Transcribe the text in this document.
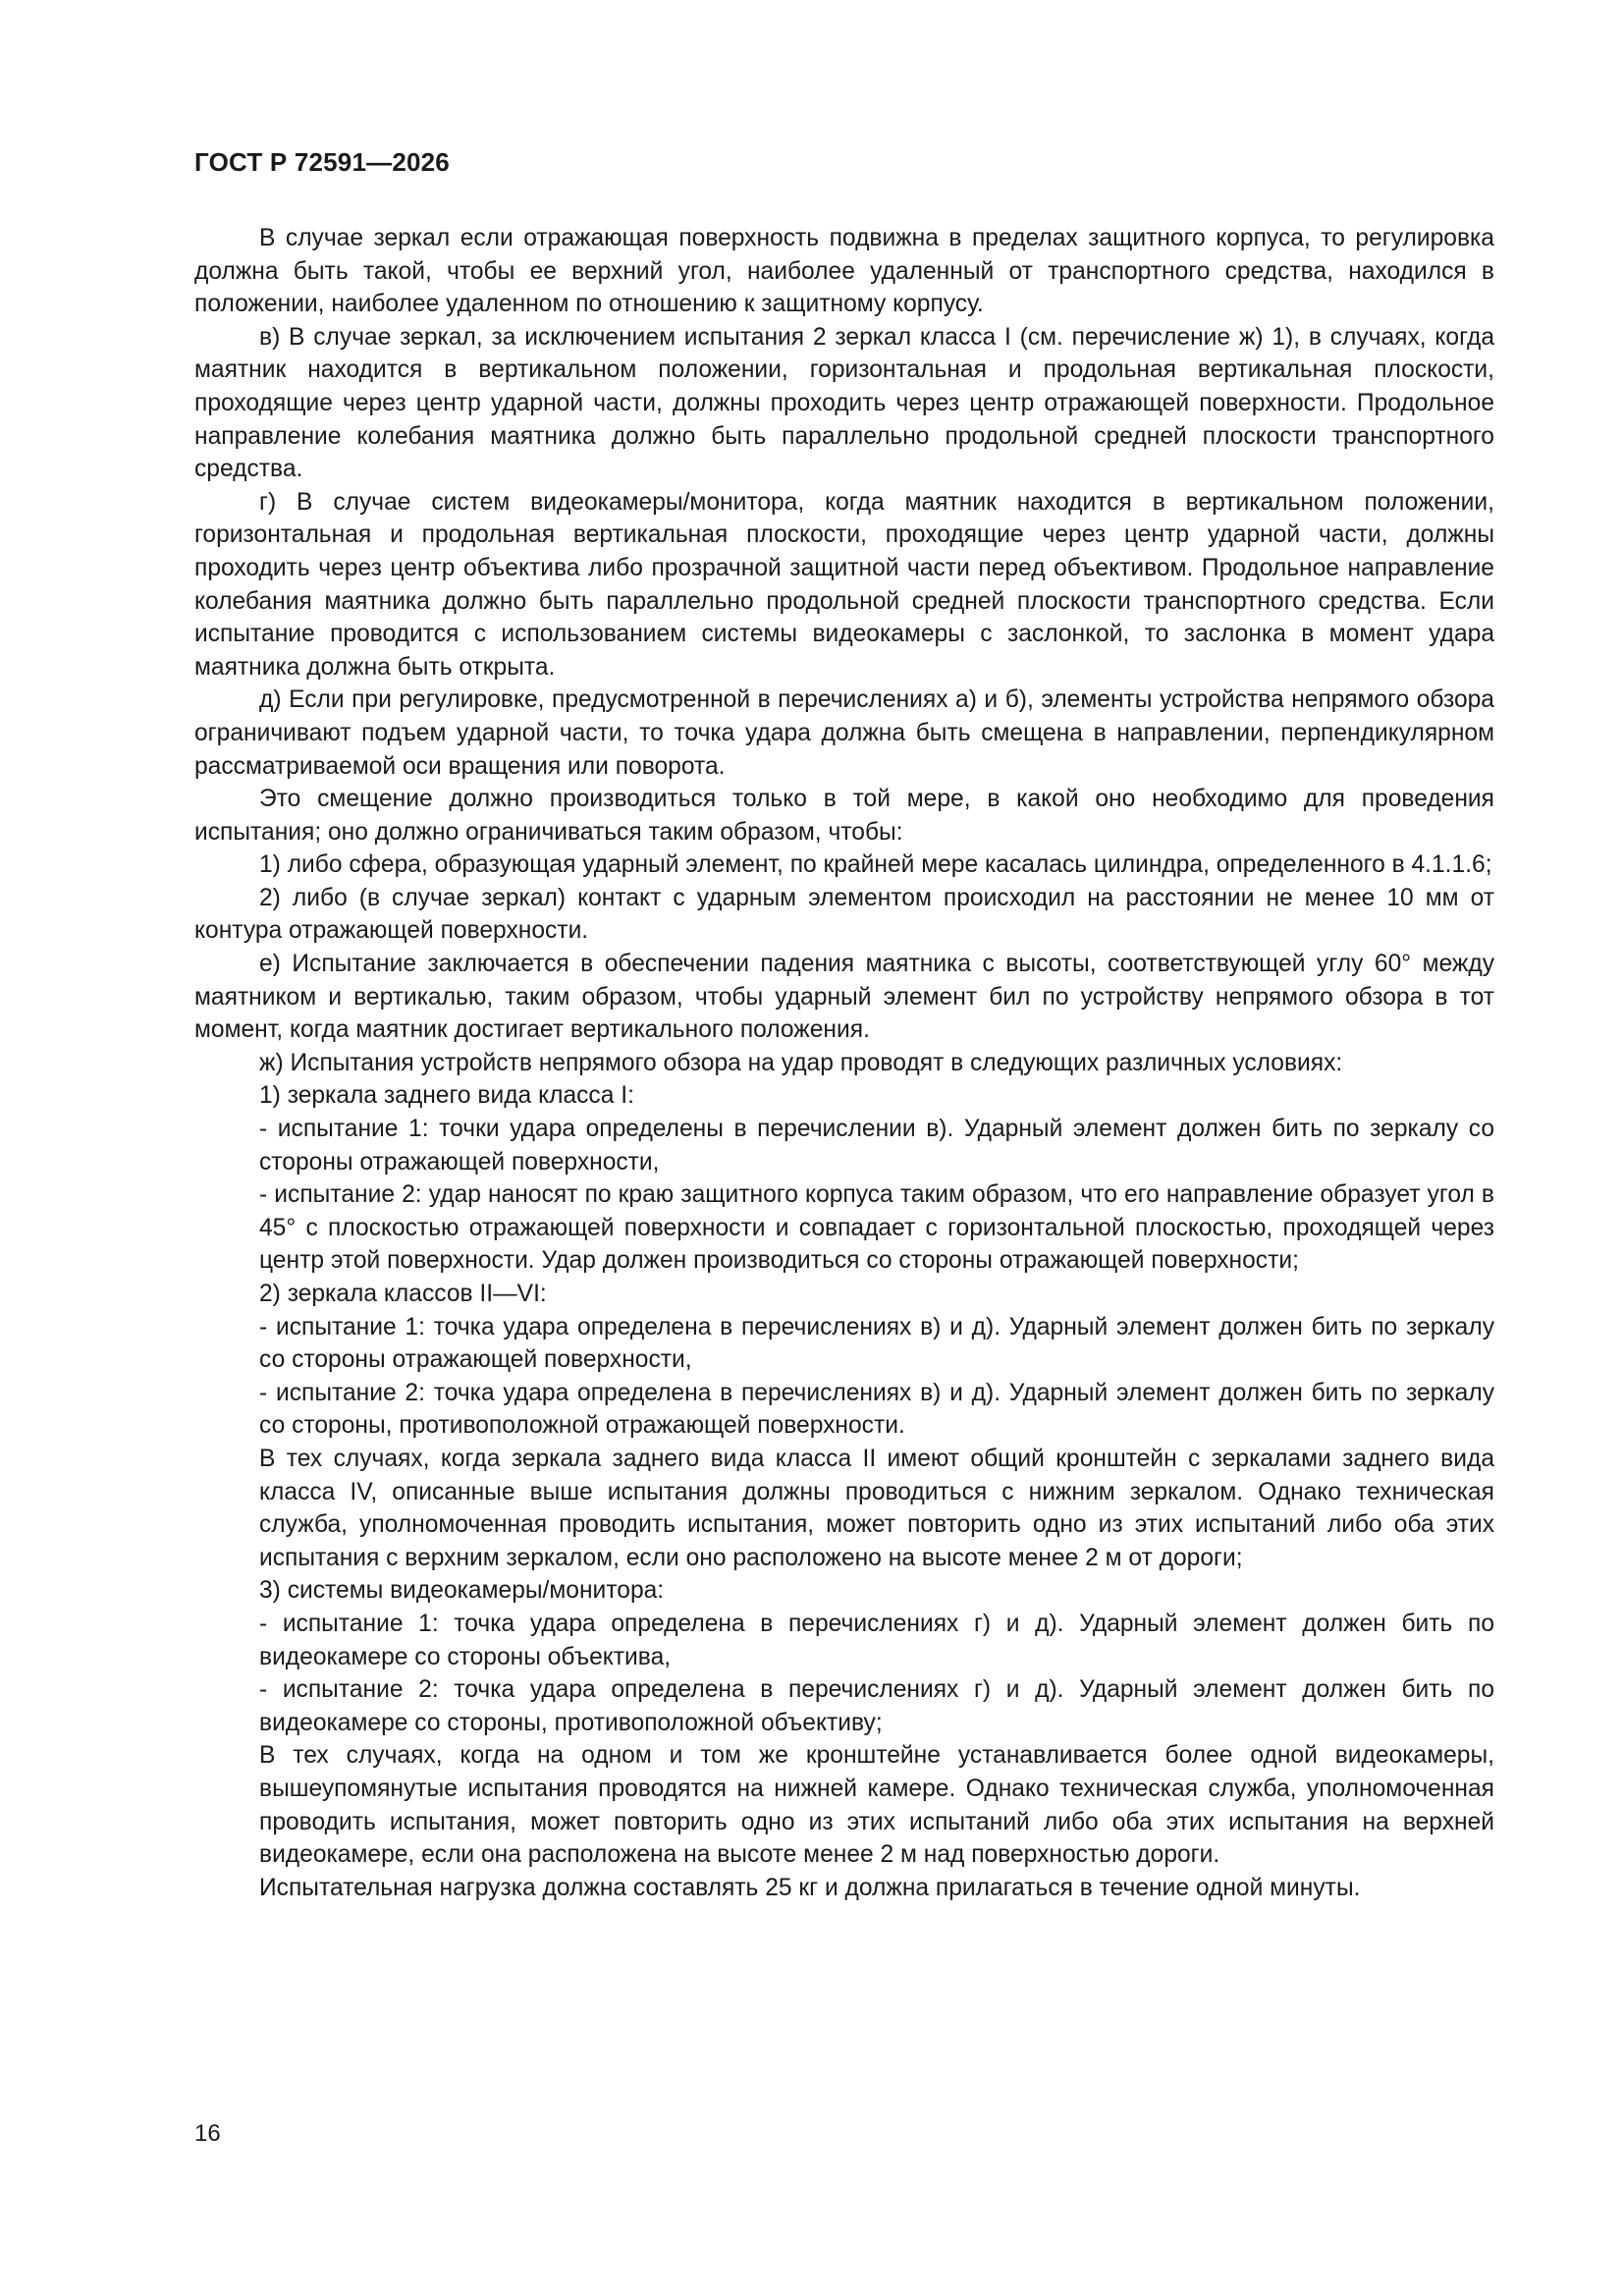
ГОСТ Р 72591—2026

В случае зеркал если отражающая поверхность подвижна в пределах защитного корпуса, то регулировка должна быть такой, чтобы ее верхний угол, наиболее удаленный от транспортного средства, находился в положении, наиболее удаленном по отношению к защитному корпусу.

в) В случае зеркал, за исключением испытания 2 зеркал класса I (см. перечисление ж) 1), в случаях, когда маятник находится в вертикальном положении, горизонтальная и продольная вертикальная плоскости, проходящие через центр ударной части, должны проходить через центр отражающей поверхности. Продольное направление колебания маятника должно быть параллельно продольной средней плоскости транспортного средства.

г) В случае систем видеокамеры/монитора, когда маятник находится в вертикальном положении, горизонтальная и продольная вертикальная плоскости, проходящие через центр ударной части, должны проходить через центр объектива либо прозрачной защитной части перед объективом. Продольное направление колебания маятника должно быть параллельно продольной средней плоскости транспортного средства. Если испытание проводится с использованием системы видеокамеры с заслонкой, то заслонка в момент удара маятника должна быть открыта.

д) Если при регулировке, предусмотренной в перечислениях а) и б), элементы устройства непрямого обзора ограничивают подъем ударной части, то точка удара должна быть смещена в направлении, перпендикулярном рассматриваемой оси вращения или поворота.

Это смещение должно производиться только в той мере, в какой оно необходимо для проведения испытания; оно должно ограничиваться таким образом, чтобы:

1) либо сфера, образующая ударный элемент, по крайней мере касалась цилиндра, определенного в 4.1.1.6;

2) либо (в случае зеркал) контакт с ударным элементом происходил на расстоянии не менее 10 мм от контура отражающей поверхности.

е) Испытание заключается в обеспечении падения маятника с высоты, соответствующей углу 60° между маятником и вертикалью, таким образом, чтобы ударный элемент бил по устройству непрямого обзора в тот момент, когда маятник достигает вертикального положения.

ж) Испытания устройств непрямого обзора на удар проводят в следующих различных условиях:

1) зеркала заднего вида класса I:

- испытание 1: точки удара определены в перечислении в). Ударный элемент должен бить по зеркалу со стороны отражающей поверхности,

- испытание 2: удар наносят по краю защитного корпуса таким образом, что его направление образует угол в 45° с плоскостью отражающей поверхности и совпадает с горизонтальной плоскостью, проходящей через центр этой поверхности. Удар должен производиться со стороны отражающей поверхности;

2) зеркала классов II—VI:

- испытание 1: точка удара определена в перечислениях в) и д). Ударный элемент должен бить по зеркалу со стороны отражающей поверхности,

- испытание 2: точка удара определена в перечислениях в) и д). Ударный элемент должен бить по зеркалу со стороны, противоположной отражающей поверхности.

В тех случаях, когда зеркала заднего вида класса II имеют общий кронштейн с зеркалами заднего вида класса IV, описанные выше испытания должны проводиться с нижним зеркалом. Однако техническая служба, уполномоченная проводить испытания, может повторить одно из этих испытаний либо оба этих испытания с верхним зеркалом, если оно расположено на высоте менее 2 м от дороги;

3) системы видеокамеры/монитора:

- испытание 1: точка удара определена в перечислениях г) и д). Ударный элемент должен бить по видеокамере со стороны объектива,

- испытание 2: точка удара определена в перечислениях г) и д). Ударный элемент должен бить по видеокамере со стороны, противоположной объективу;

В тех случаях, когда на одном и том же кронштейне устанавливается более одной видеокамеры, вышеупомянутые испытания проводятся на нижней камере. Однако техническая служба, уполномоченная проводить испытания, может повторить одно из этих испытаний либо оба этих испытания на верхней видеокамере, если она расположена на высоте менее 2 м над поверхностью дороги.

Испытательная нагрузка должна составлять 25 кг и должна прилагаться в течение одной минуты.

16
